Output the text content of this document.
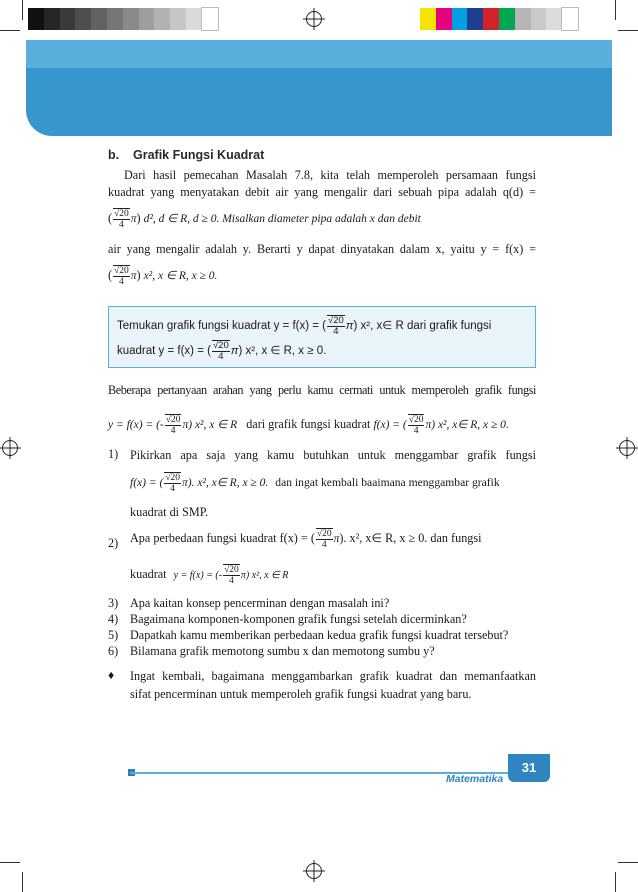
b.    Grafik Fungsi Kuadrat
Dari hasil pemecahan Masalah 7.8, kita telah memperoleh persamaan fungsi
kuadrat yang menyatakan debit air yang mengalir dari sebuah pipa adalah q(d) =
( $\frac{√20}{4} \pi$) d², d ∈ R, d ≥ 0. Misalkan diameter pipa adalah x dan debit
air yang mengalir adalah y. Berarti y dapat dinyatakan dalam x, yaitu y = f(x) =
( $\frac{√20}{4} \pi$) x², x ∈ R, x ≥ 0.
Temukan grafik fungsi kuadrat y = f(x) = ( $\frac{√20}{4} \pi$) x², x∈ R dari grafik fungsi
kuadrat y = f(x) = ( $\frac{√20}{4} \pi$) x², x ∈ R, x ≥ 0.
Beberapa pertanyaan arahan yang perlu kamu cermati untuk memperoleh grafik fungsi
y = f(x) = (- $\frac{√20}{4} \pi$) x², x ∈ R dari grafik fungsi kuadrat f(x) = ( $\frac{√20}{4} \pi$) x², x∈ R, x ≥ 0.
1) Pikirkan apa saja yang kamu butuhkan untuk menggambar grafik fungsi
f(x) = ( $\frac{√20}{4} \pi$). x², x∈ R, x ≥ 0. dan ingat kembali baaimana menggambar grafik
kuadrat di SMP.
2) Apa perbedaan fungsi kuadrat f(x) = ( $\frac{√20}{4} \pi$). x², x∈ R, x ≥ 0. dan fungsi
kuadrat y = f(x) = (- $\frac{√20}{4} \pi$) x², x ∈ R
3) Apa kaitan konsep pencerminan dengan masalah ini?
4) Bagaimana komponen-komponen grafik fungsi setelah dicerminkan?
5) Dapatkah kamu memberikan perbedaan kedua grafik fungsi kuadrat tersebut?
6) Bilamana grafik memotong sumbu x dan memotong sumbu y?
♦ Ingat kembali, bagaimana menggambarkan grafik kuadrat dan memanfaatkan
sifat pencerminan untuk memperoleh grafik fungsi kuadrat yang baru.
Matematika
31
